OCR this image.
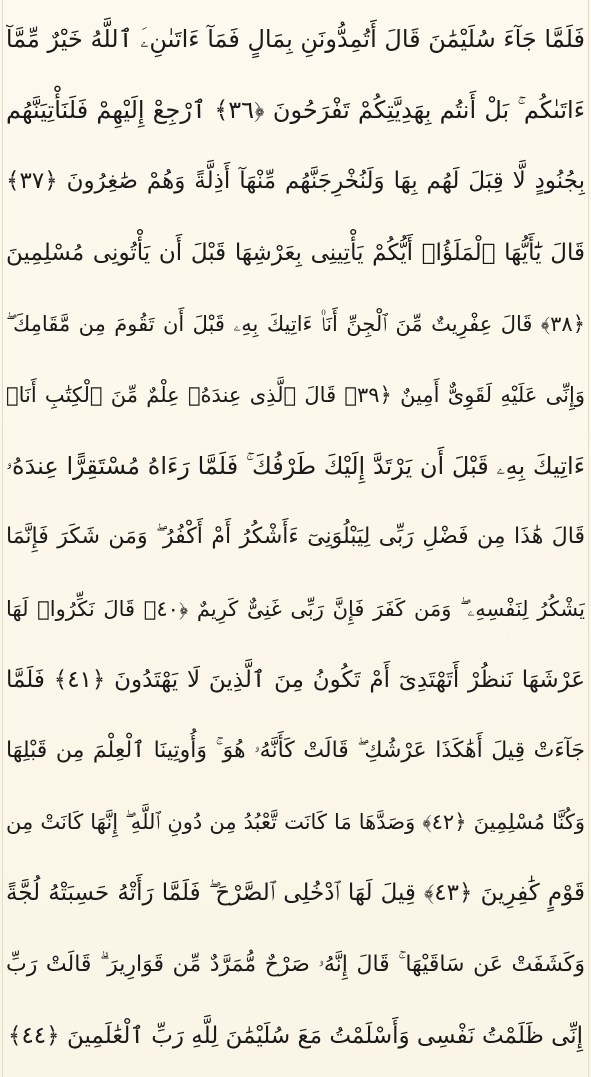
فَلَمَّا جَآءَ سُلَيْمَٰنَ قَالَ أَتُمِدُّونَنِ بِمَالٍ فَمَآ ءَاتَىٰنِۦَ ٱللَّهُ خَيْرٌ مِّمَّآ
ءَاتَىٰكُم ۚ بَلْ أَنتُم بِهَدِيَّتِكُمْ تَفْرَحُونَ ﴿٣٦﴾ ٱرْجِعْ إِلَيْهِمْ فَلَنَأْتِيَنَّهُم
بِجُنُودٍ لَّا قِبَلَ لَهُم بِهَا وَلَنُخْرِجَنَّهُم مِّنْهَآ أَذِلَّةً وَهُمْ صَٰغِرُونَ ﴿٣٧﴾
قَالَ يَٰٓأَيُّهَا ٱلْمَلَؤُا۟ أَيُّكُمْ يَأْتِينِى بِعَرْشِهَا قَبْلَ أَن يَأْتُونِى مُسْلِمِينَ
﴿٣٨﴾ قَالَ عِفْرِيتٌ مِّنَ ٱلْجِنِّ أَنَا۠ ءَاتِيكَ بِهِۦ قَبْلَ أَن تَقُومَ مِن مَّقَامِكَ ۖ
وَإِنِّى عَلَيْهِ لَقَوِىٌّ أَمِينٌ ﴿٣٩﴾ قَالَ ٱلَّذِى عِندَهُۥ عِلْمٌ مِّنَ ٱلْكِتَٰبِ أَنَا۠
ءَاتِيكَ بِهِۦ قَبْلَ أَن يَرْتَدَّ إِلَيْكَ طَرْفُكَ ۚ فَلَمَّا رَءَاهُ مُسْتَقِرًّا عِندَهُۥ
قَالَ هَٰذَا مِن فَضْلِ رَبِّى لِيَبْلُوَنِىٓ ءَأَشْكُرُ أَمْ أَكْفُرُ ۖ وَمَن شَكَرَ فَإِنَّمَا
يَشْكُرُ لِنَفْسِهِۦ ۖ وَمَن كَفَرَ فَإِنَّ رَبِّى غَنِىٌّ كَرِيمٌ ﴿٤٠﴾ قَالَ نَكِّرُوا۟ لَهَا
عَرْشَهَا نَنظُرْ أَتَهْتَدِىٓ أَمْ تَكُونُ مِنَ ٱلَّذِينَ لَا يَهْتَدُونَ ﴿٤١﴾ فَلَمَّا
جَآءَتْ قِيلَ أَهَٰكَذَا عَرْشُكِ ۖ قَالَتْ كَأَنَّهُۥ هُوَ ۚ وَأُوتِينَا ٱلْعِلْمَ مِن قَبْلِهَا
وَكُنَّا مُسْلِمِينَ ﴿٤٢﴾ وَصَدَّهَا مَا كَانَت تَّعْبُدُ مِن دُونِ ٱللَّهِ ۖ إِنَّهَا كَانَتْ مِن
قَوْمٍ كَٰفِرِينَ ﴿٤٣﴾ قِيلَ لَهَا ٱدْخُلِى ٱلصَّرْحَ ۖ فَلَمَّا رَأَتْهُ حَسِبَتْهُ لُجَّةً
وَكَشَفَتْ عَن سَاقَيْهَا ۚ قَالَ إِنَّهُۥ صَرْحٌ مُّمَرَّدٌ مِّن قَوَارِيرَ ۗ قَالَتْ رَبِّ
إِنِّى ظَلَمْتُ نَفْسِى وَأَسْلَمْتُ مَعَ سُلَيْمَٰنَ لِلَّهِ رَبِّ ٱلْعَٰلَمِينَ ﴿٤٤﴾
